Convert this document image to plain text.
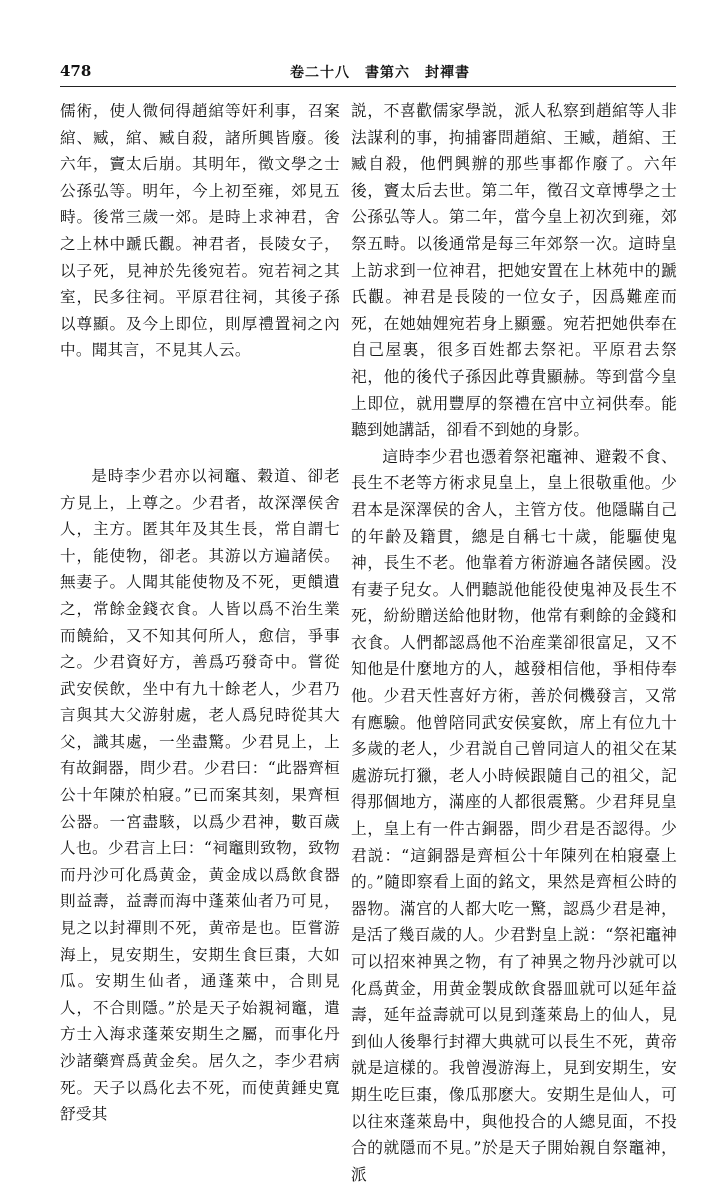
478	卷二十八　書第六　封禪書

儒術，使人微伺得趙綰等奸利事，召案綰、臧，綰、臧自殺，諸所興皆廢。後六年，竇太后崩。其明年，徵文學之士公孫弘等。明年，今上初至雍，郊見五畤。後常三歲一郊。是時上求神君，舍之上林中蹏氏觀。神君者，長陵女子，以子死，見神於先後宛若。宛若祠之其室，民多往祠。平原君往祠，其後子孫以尊顯。及今上即位，則厚禮置祠之內中。聞其言，不見其人云。

是時李少君亦以祠竈、穀道、卻老方見上，上尊之。少君者，故深澤侯舍人，主方。匿其年及其生長，常自謂七十，能使物，卻老。其游以方遍諸侯。無妻子。人聞其能使物及不死，更饋遺之，常餘金錢衣食。人皆以爲不治生業而饒給，又不知其何所人，愈信，爭事之。少君資好方，善爲巧發奇中。嘗從武安侯飲，坐中有九十餘老人，少君乃言與其大父游射處，老人爲兒時從其大父，識其處，一坐盡驚。少君見上，上有故銅器，問少君。少君曰：“此器齊桓公十年陳於柏寢。”已而案其刻，果齊桓公器。一宮盡駭，以爲少君神，數百歲人也。少君言上曰：“祠竈則致物，致物而丹沙可化爲黄金，黄金成以爲飲食器則益壽，益壽而海中蓬萊仙者乃可見，見之以封禪則不死，黄帝是也。臣嘗游海上，見安期生，安期生食巨棗，大如瓜。安期生仙者，通蓬萊中，合則見人，不合則隱。”於是天子始親祠竈，遣方士入海求蓬萊安期生之屬，而事化丹沙諸藥齊爲黄金矣。居久之，李少君病死。天子以爲化去不死，而使黄錘史寬舒受其

説，不喜歡儒家學説，派人私察到趙綰等人非法謀利的事，拘捕審問趙綰、王臧，趙綰、王臧自殺，他們興辦的那些事都作廢了。六年後，竇太后去世。第二年，徵召文章博學之士公孫弘等人。第二年，當今皇上初次到雍，郊祭五畤。以後通常是每三年郊祭一次。這時皇上訪求到一位神君，把她安置在上林苑中的蹏氏觀。神君是長陵的一位女子，因爲難産而死，在她妯娌宛若身上顯靈。宛若把她供奉在自己屋裏，很多百姓都去祭祀。平原君去祭祀，他的後代子孫因此尊貴顯赫。等到當今皇上即位，就用豐厚的祭禮在宫中立祠供奉。能聽到她講話，卻看不到她的身影。

這時李少君也憑着祭祀竈神、避穀不食、長生不老等方術求見皇上，皇上很敬重他。少君本是深澤侯的舍人，主管方伎。他隱瞞自己的年齡及籍貫，總是自稱七十歲，能驅使鬼神，長生不老。他靠着方術游遍各諸侯國。没有妻子兒女。人們聽説他能役使鬼神及長生不死，紛紛贈送給他財物，他常有剩餘的金錢和衣食。人們都認爲他不治産業卻很富足，又不知他是什麼地方的人，越發相信他，爭相侍奉他。少君天性喜好方術，善於伺機發言，又常有應驗。他曾陪同武安侯宴飲，席上有位九十多歲的老人，少君説自己曾同這人的祖父在某處游玩打獵，老人小時候跟隨自己的祖父，記得那個地方，滿座的人都很震驚。少君拜見皇上，皇上有一件古銅器，問少君是否認得。少君説：“這銅器是齊桓公十年陳列在柏寢臺上的。”隨即察看上面的銘文，果然是齊桓公時的器物。滿宫的人都大吃一驚，認爲少君是神，是活了幾百歲的人。少君對皇上説：“祭祀竈神可以招來神異之物，有了神異之物丹沙就可以化爲黄金，用黄金製成飲食器皿就可以延年益壽，延年益壽就可以見到蓬萊島上的仙人，見到仙人後舉行封禪大典就可以長生不死，黄帝就是這樣的。我曾漫游海上，見到安期生，安期生吃巨棗，像瓜那麽大。安期生是仙人，可以往來蓬萊島中，與他投合的人總見面，不投合的就隱而不見。”於是天子開始親自祭竈神，派
